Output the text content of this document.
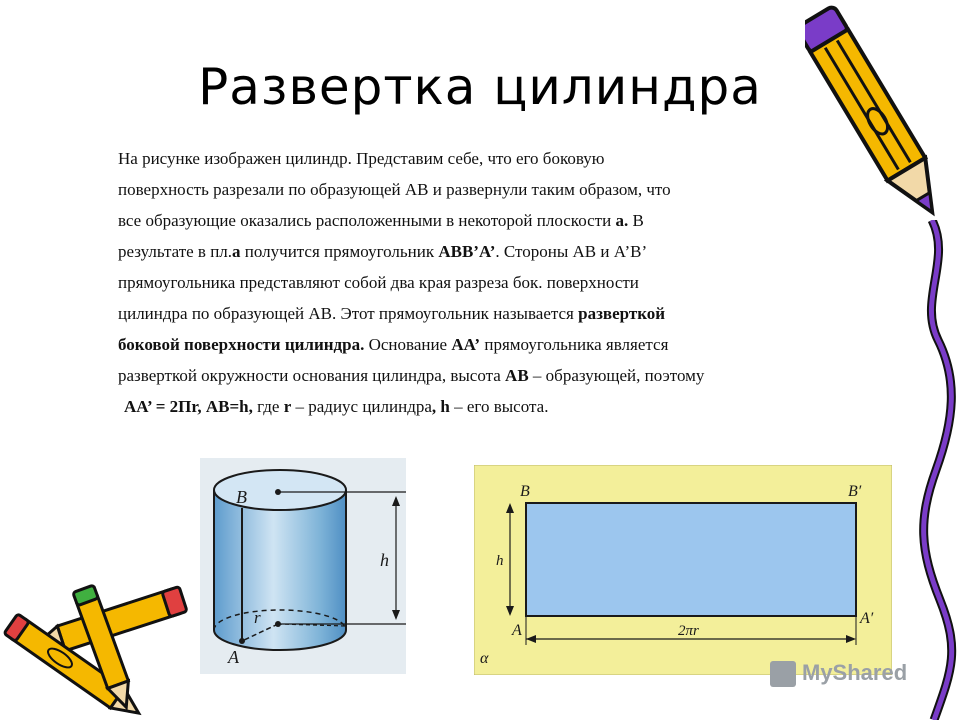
Развертка цилиндра

На рисунке изображен цилиндр. Представим себе, что его боковую

поверхность разрезали по образующей АВ и развернули таким образом, что

все образующие оказались расположенными в некоторой плоскости а. В

результате в пл.а получится прямоугольник АВВ’А’. Стороны АВ и А’В’

прямоугольника представляют собой два края разреза бок. поверхности

цилиндра по образующей АВ. Этот прямоугольник называется разверткой

боковой поверхности цилиндра. Основание АА’ прямоугольника является

разверткой окружности основания цилиндра, высота АВ – образующей, поэтому

АА’ = 2Пr, АВ=h, где r – радиус цилиндра, h – его высота.

B
A
h
r
B	B′
A
A′
h
2πr
α
MyShared
